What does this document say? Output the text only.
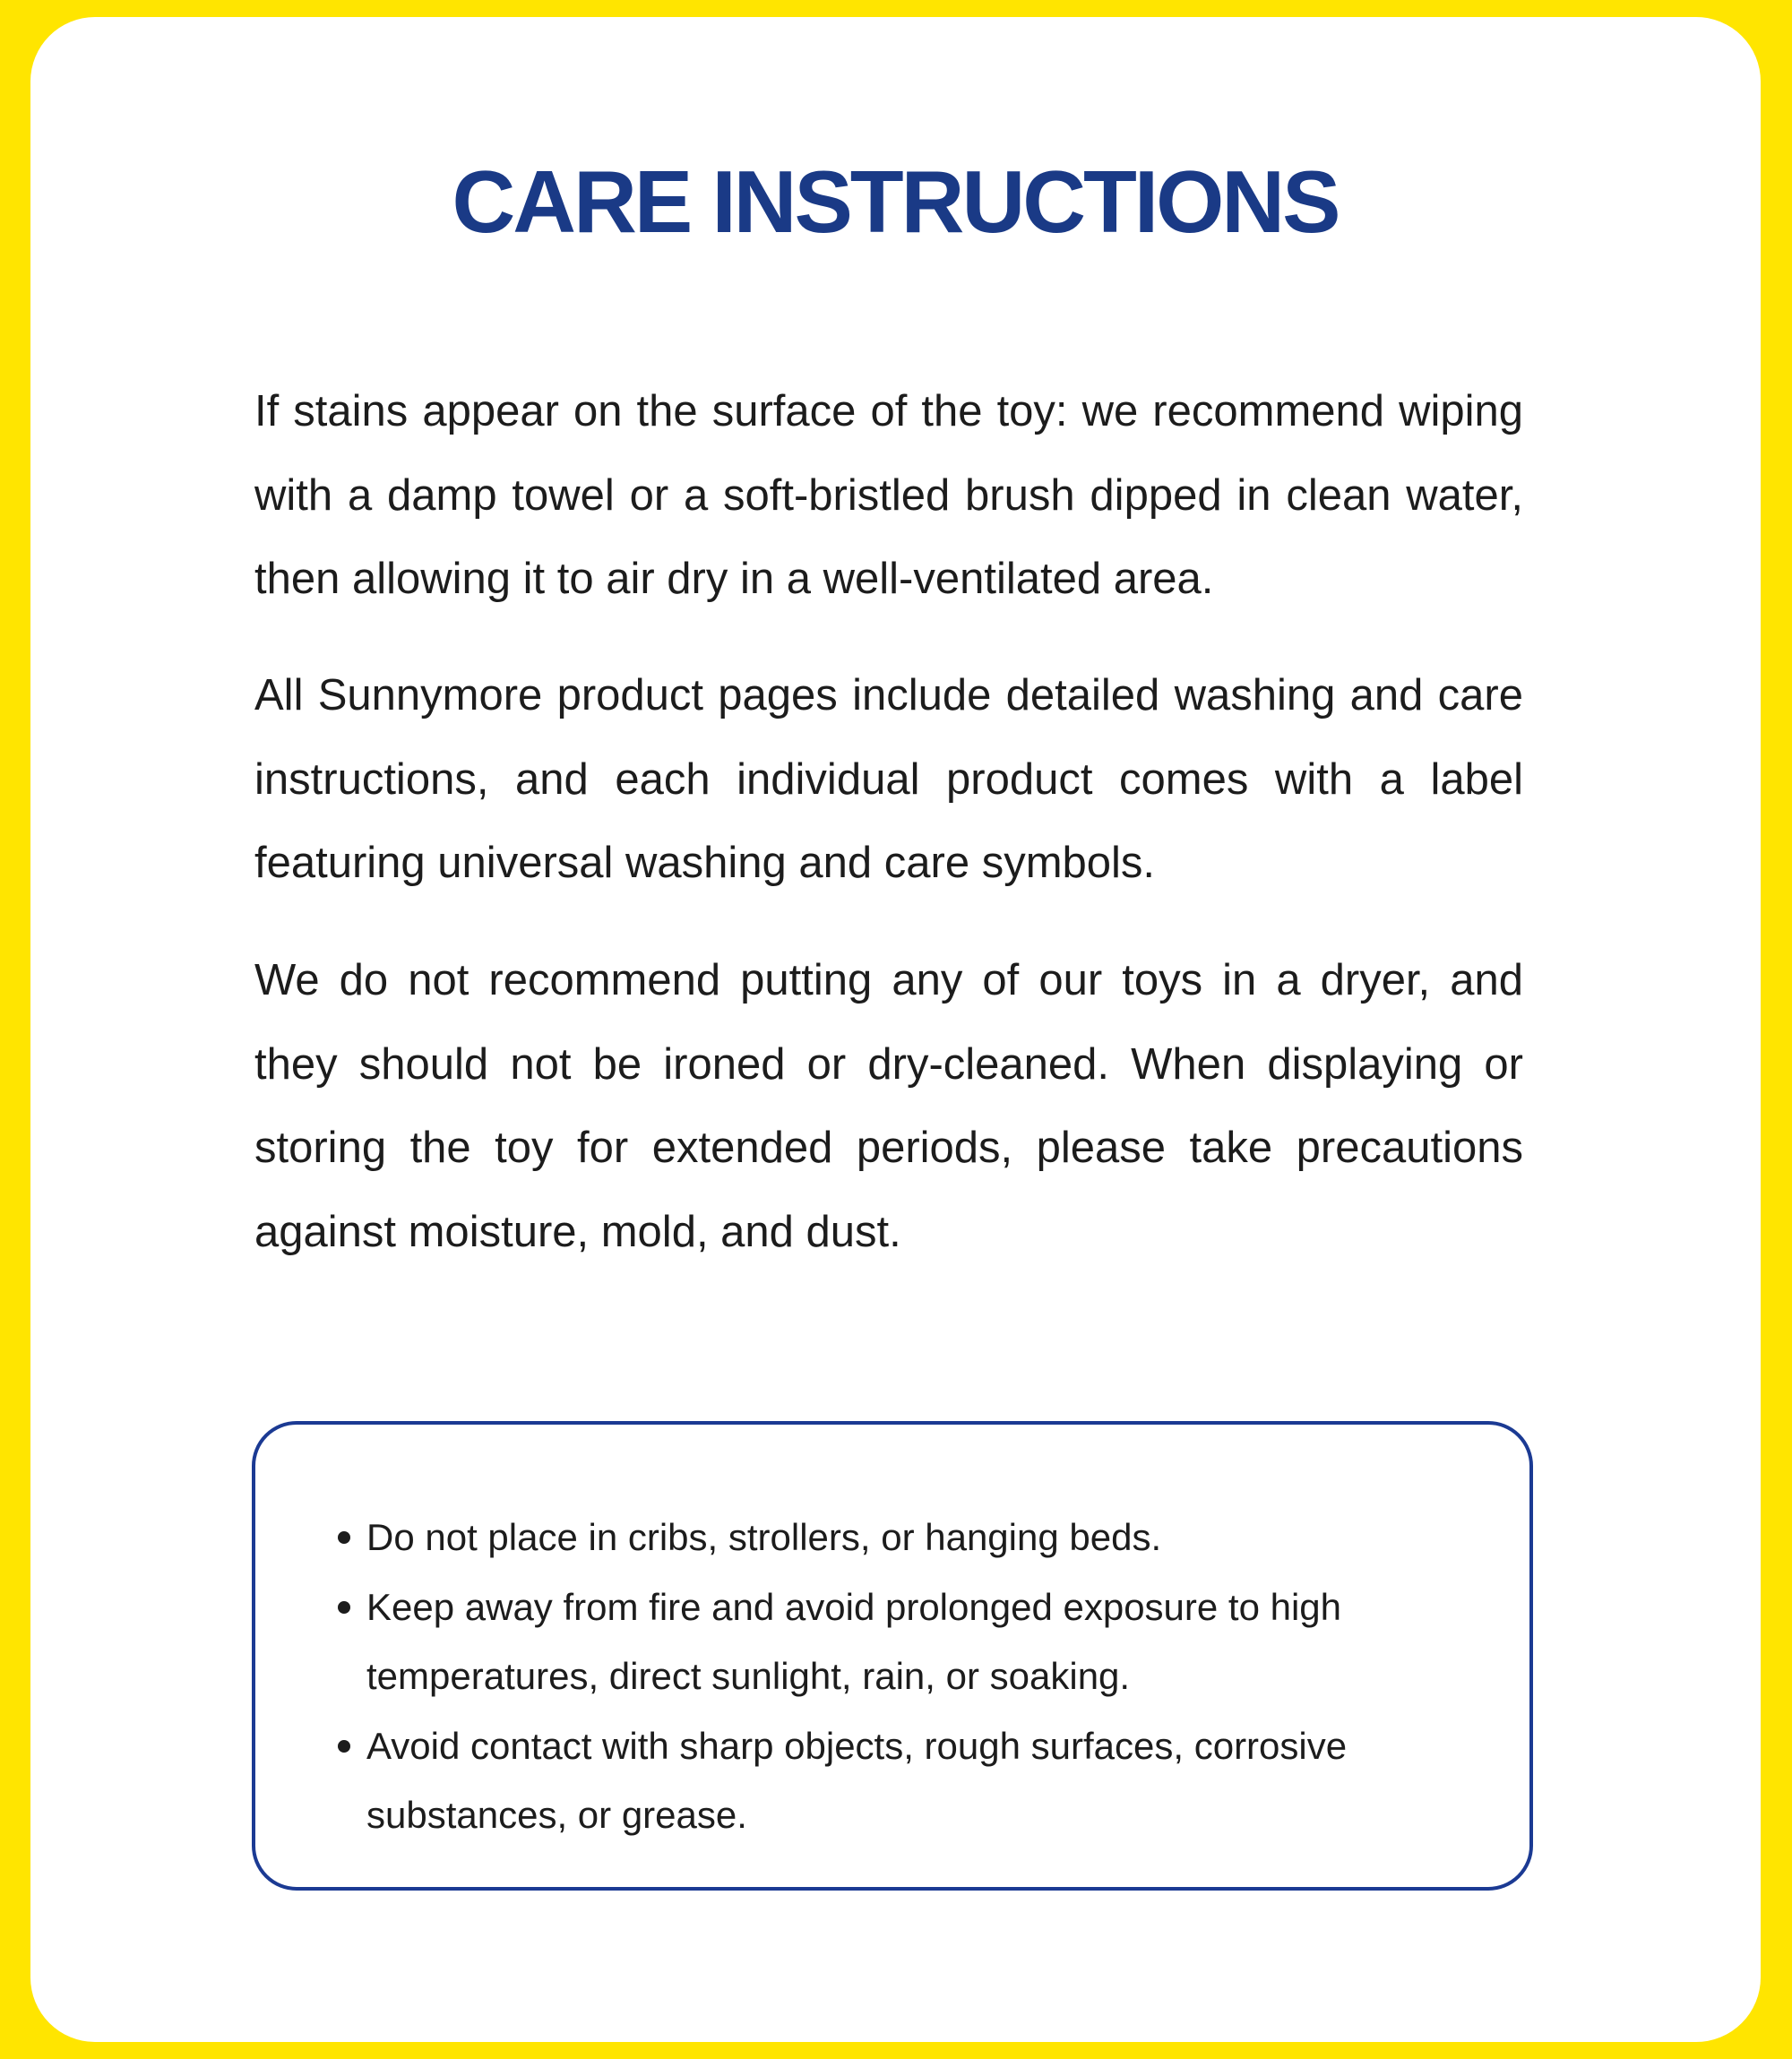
CARE INSTRUCTIONS

If stains appear on the surface of the toy: we recommend wiping with a damp towel or a soft-bristled brush dipped in clean water, then allowing it to air dry in a well-ventilated area.

All Sunnymore product pages include detailed washing and care instructions, and each individual product comes with a label featuring universal washing and care symbols.

We do not recommend putting any of our toys in a dryer, and they should not be ironed or dry-cleaned. When displaying or storing the toy for extended periods, please take precautions against moisture, mold, and dust.

Do not place in cribs, strollers, or hanging beds.
Keep away from fire and avoid prolonged exposure to high temperatures, direct sunlight, rain, or soaking.
Avoid contact with sharp objects, rough surfaces, corrosive substances, or grease.
